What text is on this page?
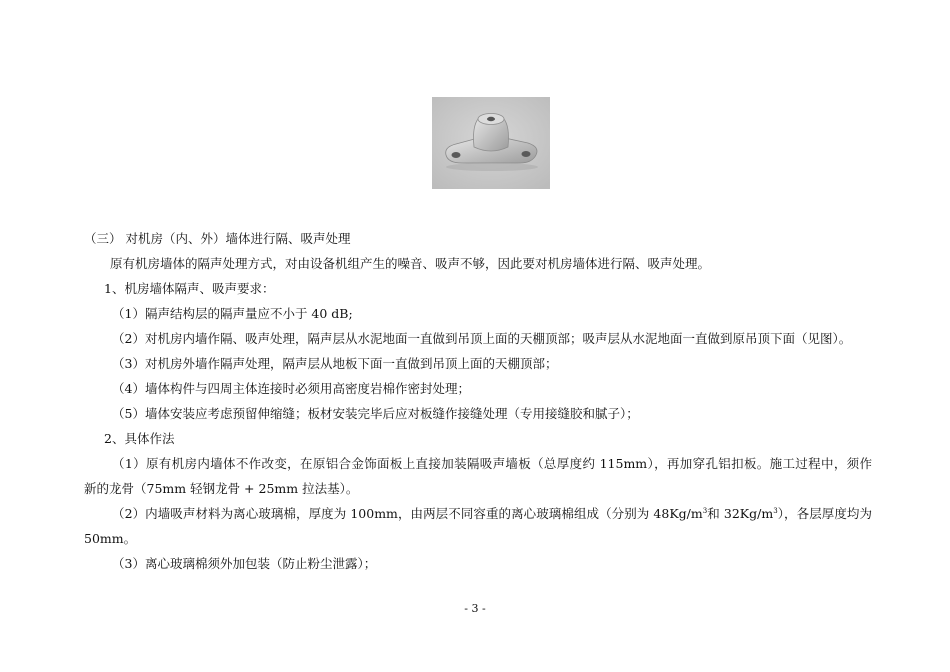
（三） 对机房（内、外）墙体进行隔、吸声处理
原有机房墙体的隔声处理方式，对由设备机组产生的噪音、吸声不够，因此要对机房墙体进行隔、吸声处理。
1、机房墙体隔声、吸声要求：
（1）隔声结构层的隔声量应不小于 40 dB;
（2）对机房内墙作隔、吸声处理，隔声层从水泥地面一直做到吊顶上面的天棚顶部；吸声层从水泥地面一直做到原吊顶下面（见图）。
（3）对机房外墙作隔声处理，隔声层从地板下面一直做到吊顶上面的天棚顶部；
（4）墙体构件与四周主体连接时必须用高密度岩棉作密封处理；
（5）墙体安装应考虑预留伸缩缝；板材安装完毕后应对板缝作接缝处理（专用接缝胶和腻子）；
2、具体作法
（1）原有机房内墙体不作改变，在原铝合金饰面板上直接加装隔吸声墙板（总厚度约 115mm），再加穿孔铝扣板。施工过程中，须作
新的龙骨（75mm 轻钢龙骨 + 25mm 拉法基）。
（2）内墙吸声材料为离心玻璃棉，厚度为 100mm，由两层不同容重的离心玻璃棉组成（分别为 $48Kg/m^3$和 $32Kg/m^3$），各层厚度均为
50mm。
（3）离心玻璃棉须外加包装（防止粉尘泄露）；
- 3 -
